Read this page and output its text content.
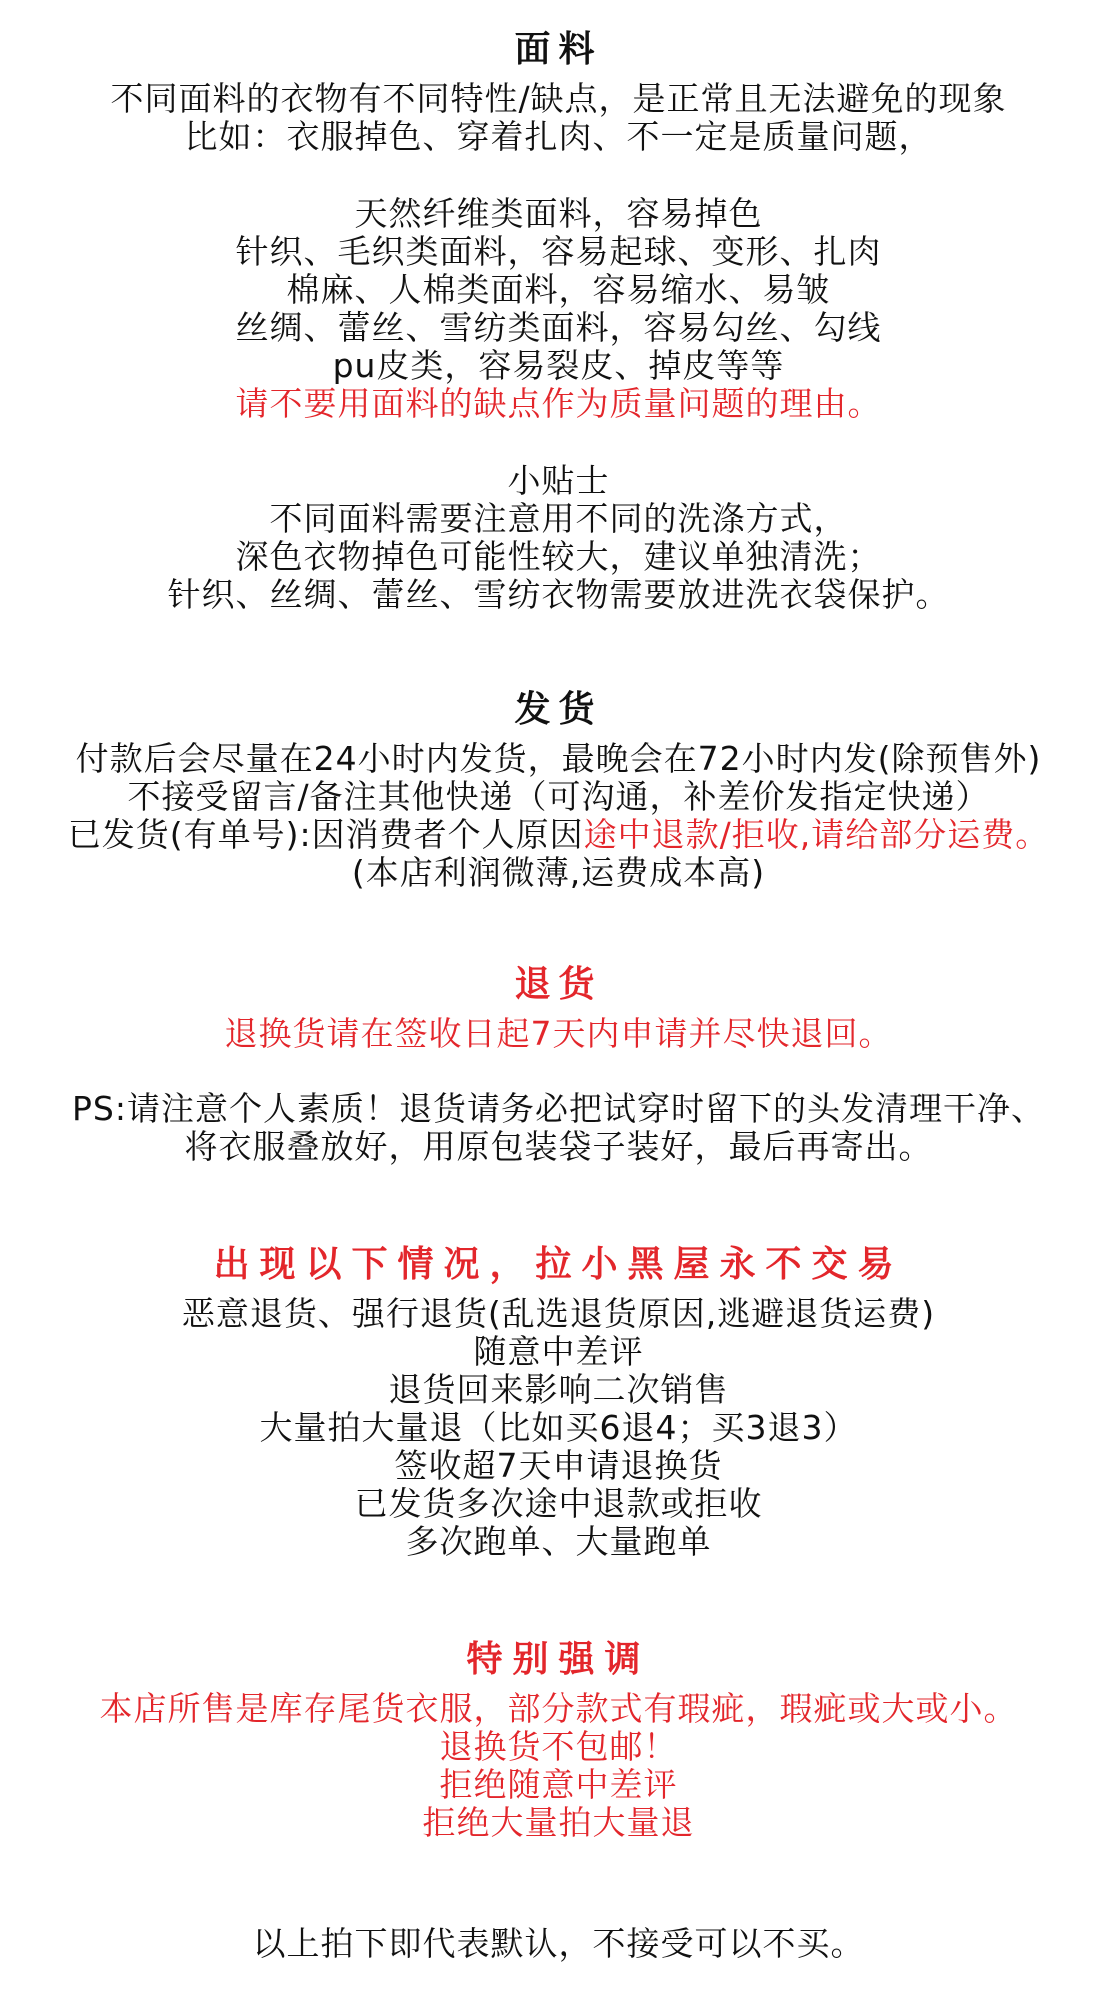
面料
不同面料的衣物有不同特性/缺点，是正常且无法避免的现象
比如：衣服掉色、穿着扎肉、不一定是质量问题，
天然纤维类面料，容易掉色
针织、毛织类面料，容易起球、变形、扎肉
棉麻、人棉类面料，容易缩水、易皱
丝绸、蕾丝、雪纺类面料，容易勾丝、勾线
pu皮类，容易裂皮、掉皮等等
请不要用面料的缺点作为质量问题的理由。
小贴士
不同面料需要注意用不同的洗涤方式，
深色衣物掉色可能性较大，建议单独清洗；
针织、丝绸、蕾丝、雪纺衣物需要放进洗衣袋保护。
发货
付款后会尽量在24小时内发货，最晚会在72小时内发(除预售外)
不接受留言/备注其他快递（可沟通，补差价发指定快递）
已发货(有单号):因消费者个人原因途中退款/拒收,请给部分运费。
(本店利润微薄,运费成本高)
退货
退换货请在签收日起7天内申请并尽快退回。
PS:请注意个人素质！退货请务必把试穿时留下的头发清理干净、
将衣服叠放好，用原包装袋子装好，最后再寄出。
出现以下情况，拉小黑屋永不交易
恶意退货、强行退货(乱选退货原因,逃避退货运费)
随意中差评
退货回来影响二次销售
大量拍大量退（比如买6退4；买3退3）
签收超7天申请退换货
已发货多次途中退款或拒收
多次跑单、大量跑单
特别强调
本店所售是库存尾货衣服，部分款式有瑕疵，瑕疵或大或小。
退换货不包邮！
拒绝随意中差评
拒绝大量拍大量退
以上拍下即代表默认，不接受可以不买。
